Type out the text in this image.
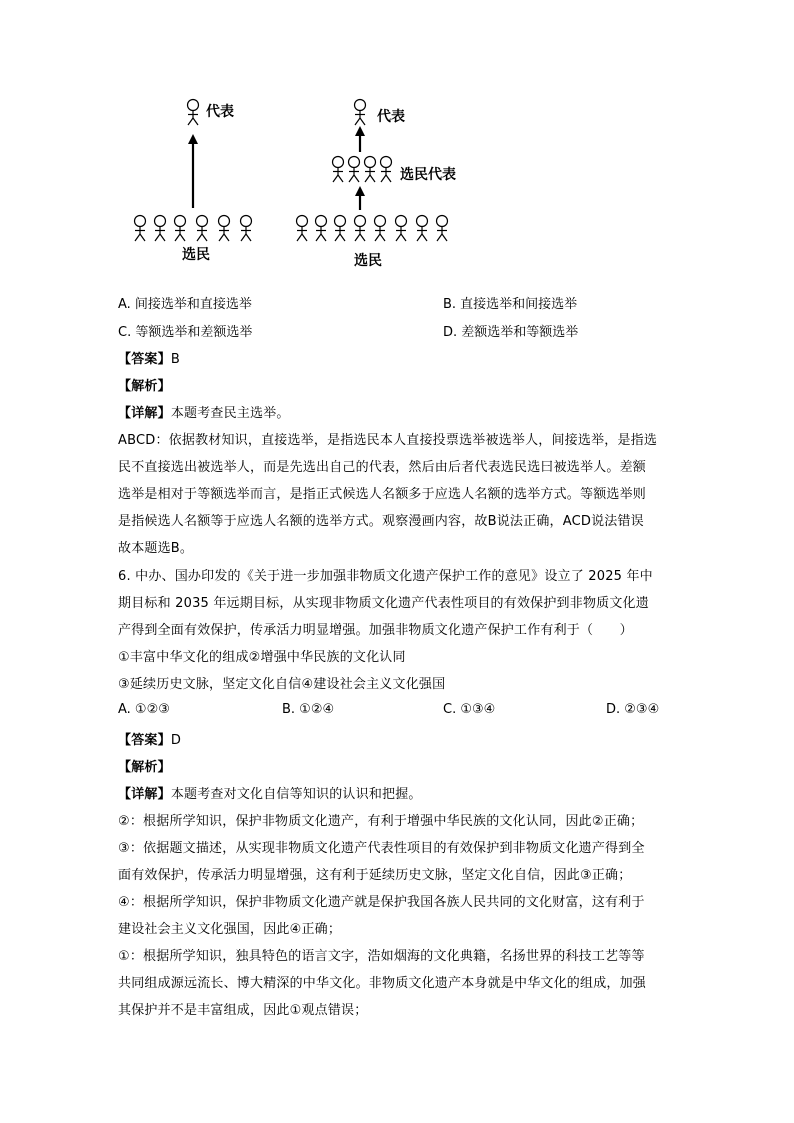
代表
选民
代表
选民代表
选民
A. 间接选举和直接选举	B. 直接选举和间接选举
C. 等额选举和差额选举	D. 差额选举和等额选举
【答案】B
【解析】
【详解】本题考查民主选举。
ABCD：依据教材知识，直接选举，是指选民本人直接投票选举被选举人，间接选举，是指选
民不直接选出被选举人，而是先选出自己的代表，然后由后者代表选民选曰被选举人。差额
选举是相对于等额选举而言，是指正式候选人名额多于应选人名额的选举方式。等额选举则
是指候选人名额等于应选人名额的选举方式。观察漫画内容，故B说法正确，ACD说法错误
故本题选B。
6. 中办、国办印发的《关于进一步加强非物质文化遗产保护工作的意见》设立了 2025 年中
期目标和 2035 年远期目标，从实现非物质文化遗产代表性项目的有效保护到非物质文化遗
产得到全面有效保护，传承活力明显增强。加强非物质文化遗产保护工作有利于（　　）
①丰富中华文化的组成②增强中华民族的文化认同
③延续历史文脉，坚定文化自信④建设社会主义文化强国
A. ①②③	B. ①②④	C. ①③④	D. ②③④
【答案】D
【解析】
【详解】本题考查对文化自信等知识的认识和把握。
②：根据所学知识，保护非物质文化遗产，有利于增强中华民族的文化认同，因此②正确；
③：依据题文描述，从实现非物质文化遗产代表性项目的有效保护到非物质文化遗产得到全
面有效保护，传承活力明显增强，这有利于延续历史文脉，坚定文化自信，因此③正确；
④：根据所学知识，保护非物质文化遗产就是保护我国各族人民共同的文化财富，这有利于
建设社会主义文化强国，因此④正确；
①：根据所学知识，独具特色的语言文字，浩如烟海的文化典籍，名扬世界的科技工艺等等
共同组成源远流长、博大精深的中华文化。非物质文化遗产本身就是中华文化的组成，加强
其保护并不是丰富组成，因此①观点错误；
